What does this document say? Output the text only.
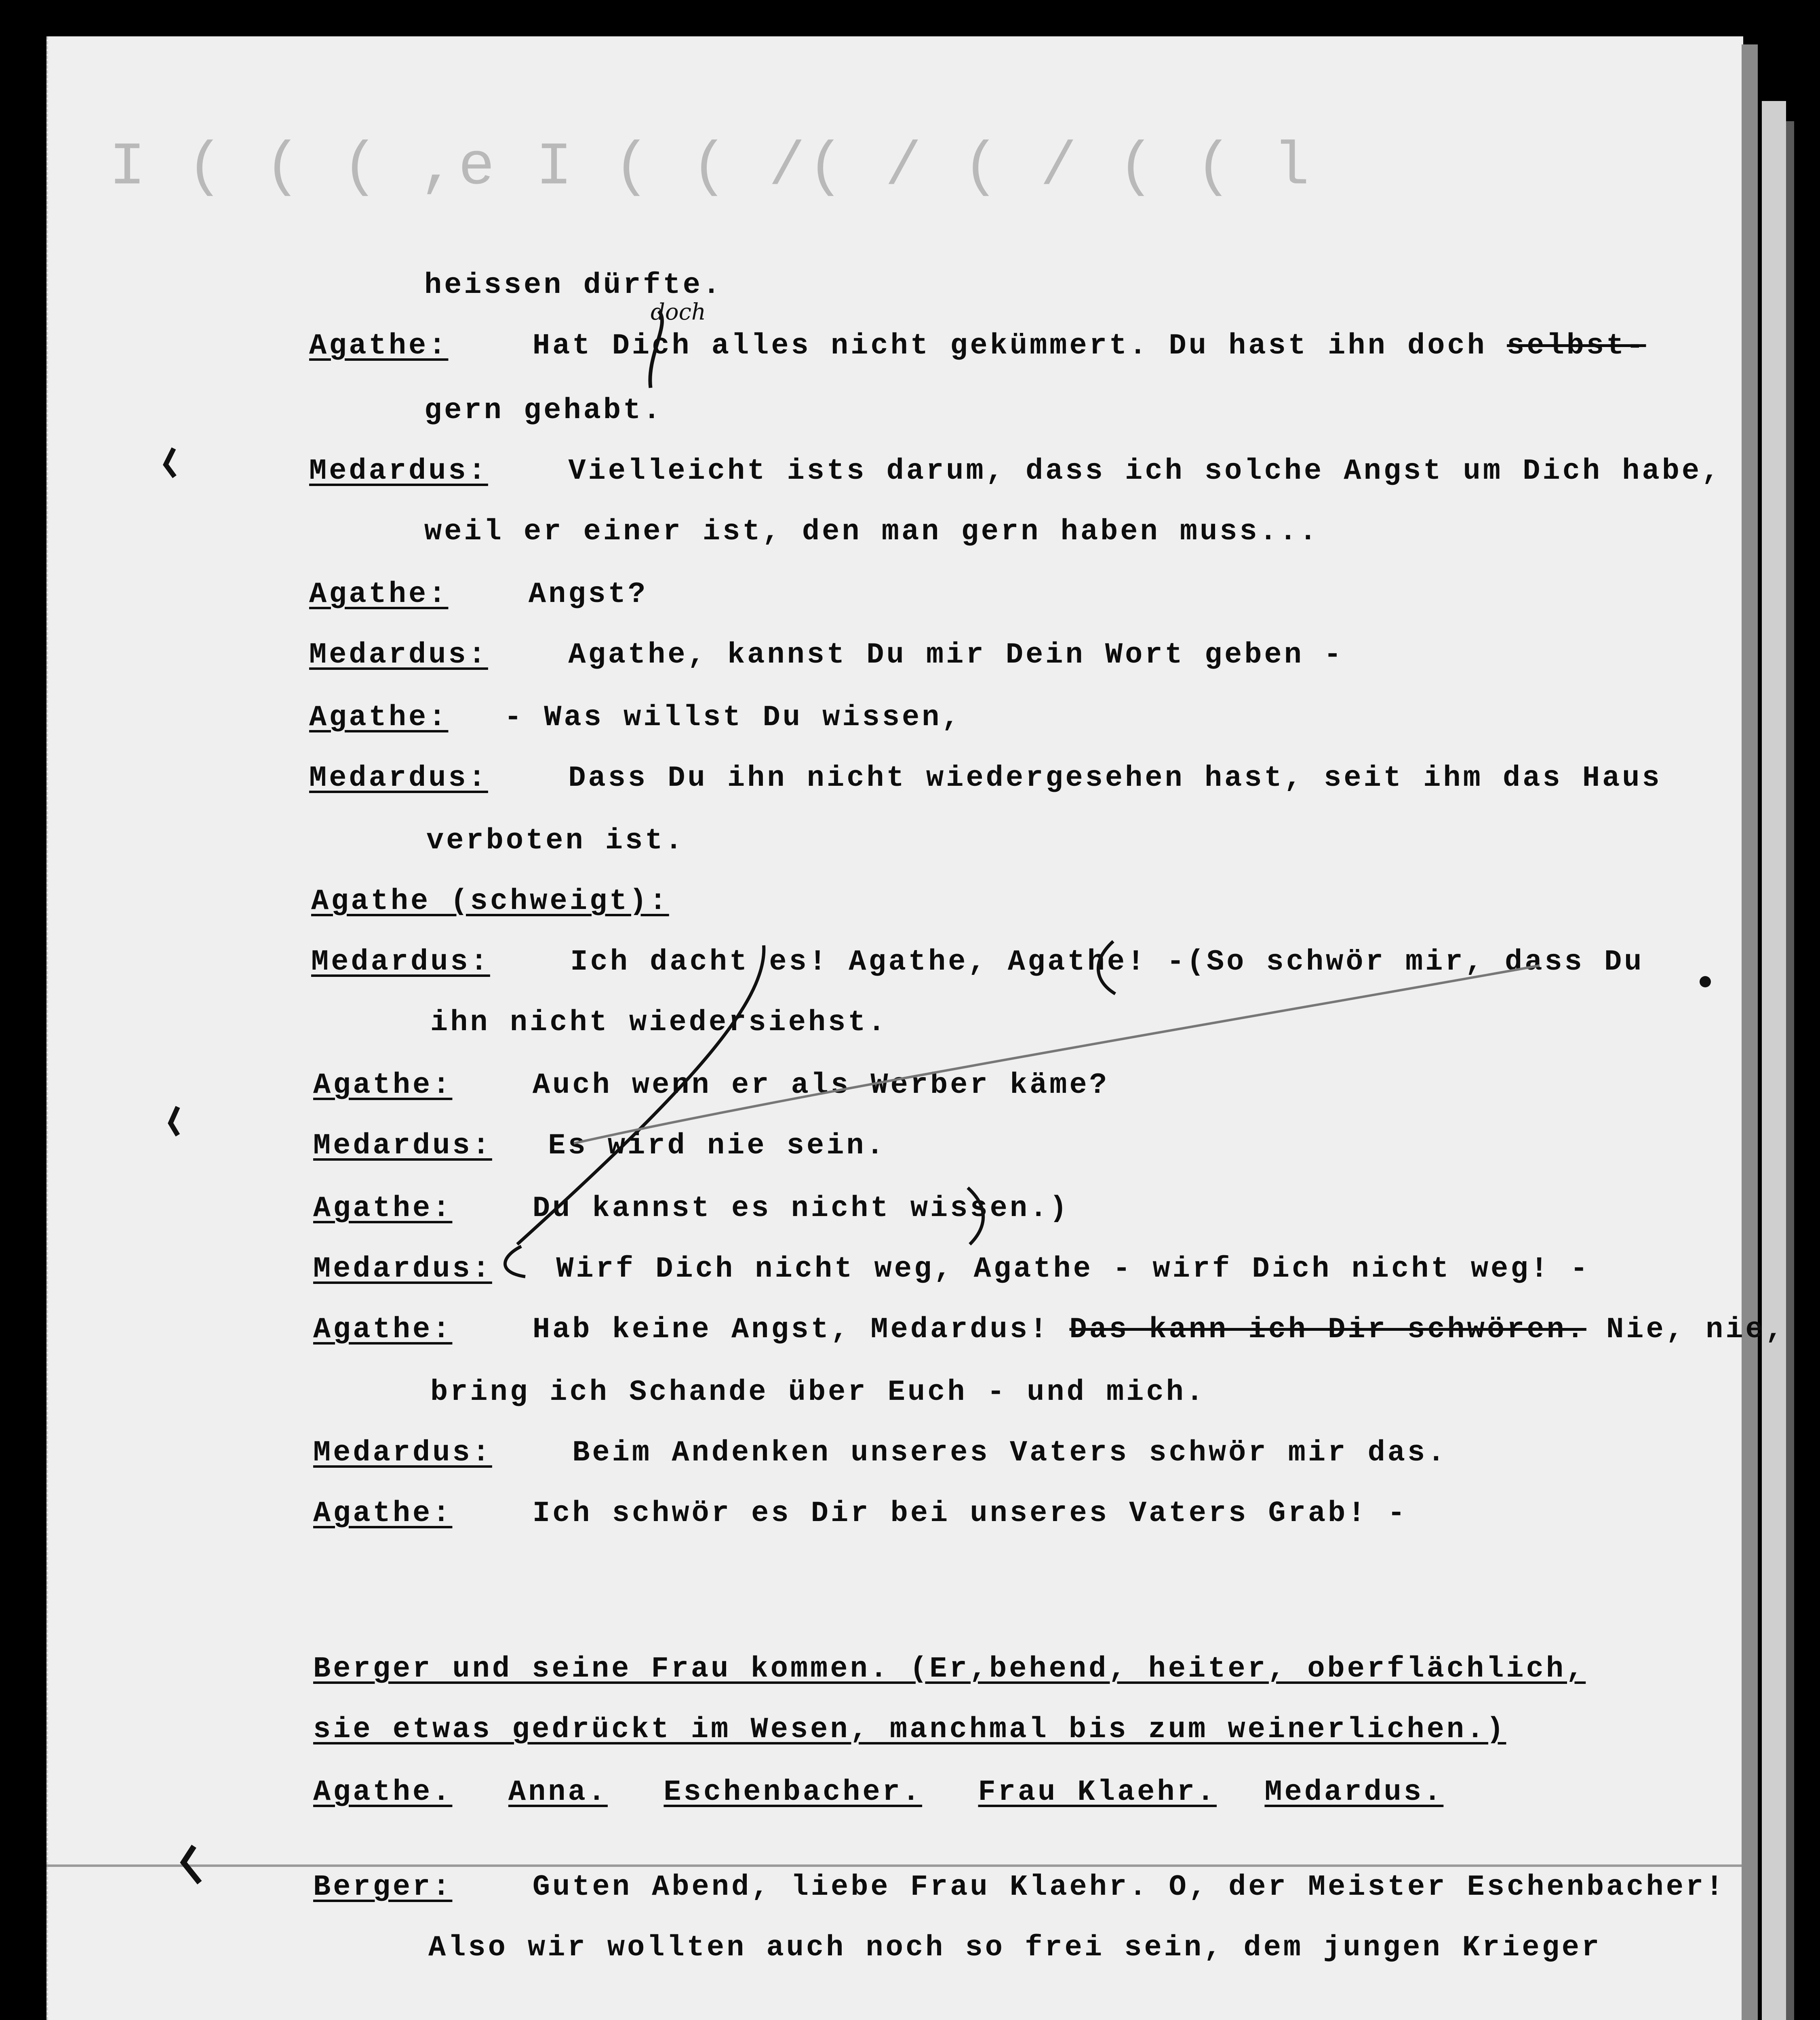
I ( ( ( ,e I ( ( /( / ( / ( ( l
heissen dürfte.
Agathe:	Hat Dich alles nicht gekümmert. Du hast ihn doch selbst-
doch
gern gehabt.
Medardus:	Vielleicht ists darum, dass ich solche Angst um Dich habe,
weil er einer ist, den man gern haben muss...
Agathe:	Angst?
Medardus:	Agathe, kannst Du mir Dein Wort geben -
Agathe: - Was willst Du wissen,
Medardus:	Dass Du ihn nicht wiedergesehen hast, seit ihm das Haus
verboten ist.
Agathe (schweigt):
Medardus:	Ich dacht es! Agathe, Agathe! -(So schwör mir, dass Du
ihn nicht wiedersiehst.
Agathe:	Auch wenn er als Werber käme?
Medardus: Es wird nie sein.
Agathe:	Du kannst es nicht wissen.)
Medardus: Wirf Dich nicht weg, Agathe - wirf Dich nicht weg! -
Agathe:	Hab keine Angst, Medardus! Das kann ich Dir schwören. Nie, nie,
bring ich Schande über Euch - und mich.
Medardus:	Beim Andenken unseres Vaters schwör mir das.
Agathe:	Ich schwör es Dir bei unseres Vaters Grab! -
Berger und seine Frau kommen. (Er,behend, heiter, oberflächlich,
sie etwas gedrückt im Wesen, manchmal bis zum weinerlichen.)
Agathe. Anna. Eschenbacher. Frau Klaehr. Medardus.
Berger:	Guten Abend, liebe Frau Klaehr. O, der Meister Eschenbacher!
Also wir wollten auch noch so frei sein, dem jungen Krieger
